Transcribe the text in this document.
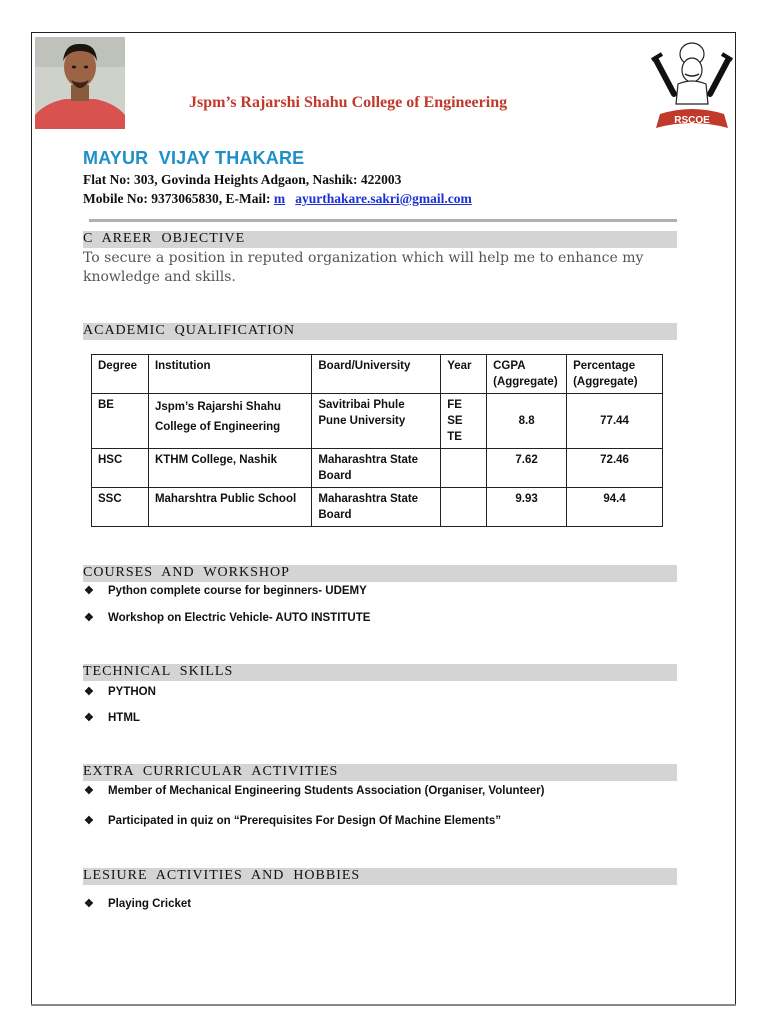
Jspm’s Rajarshi Shahu College of Engineering
RSCOE
MAYUR  VIJAY THAKARE
Flat No: 303, Govinda Heights Adgaon, Nashik: 422003
Mobile No: 9373065830, E-Mail: m ayurthakare.sakri@gmail.com
C  AREER  OBJECTIVE
To secure a position in reputed organization which will help me to enhance my knowledge and skills.
ACADEMIC  QUALIFICATION
Degree	Institution	Board/University	Year	CGPA (Aggregate)	Percentage (Aggregate)
BE	Jspm’s Rajarshi Shahu College of Engineering	Savitribai Phule Pune University	FE
SE
TE	8.8	77.44
HSC	KTHM College, Nashik	Maharashtra State Board		7.62	72.46
SSC	Maharshtra Public School	Maharashtra State Board		9.93	94.4
COURSES  AND  WORKSHOP
❖ Python complete course for beginners- UDEMY
❖ Workshop on Electric Vehicle- AUTO INSTITUTE
TECHNICAL  SKILLS
❖ PYTHON
❖ HTML
EXTRA  CURRICULAR  ACTIVITIES
❖ Member of Mechanical Engineering Students Association (Organiser, Volunteer)
❖ Participated in quiz on “Prerequisites For Design Of Machine Elements”
LESIURE  ACTIVITIES  AND  HOBBIES
❖ Playing Cricket
